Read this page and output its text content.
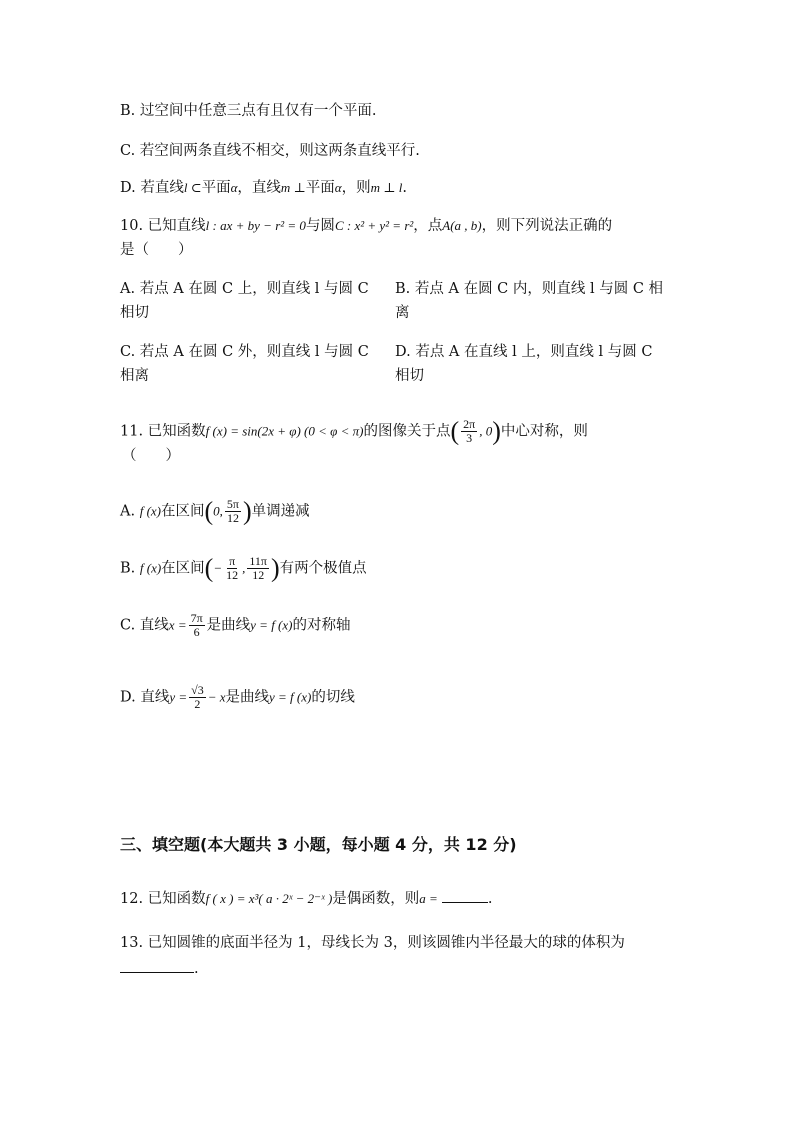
B. 过空间中任意三点有且仅有一个平面.
C. 若空间两条直线不相交，则这两条直线平行.
D. 若直线l ⊂平面α，直线m ⊥平面α，则m ⊥ l.
10. 已知直线l : ax + by − r² = 0与圆C : x² + y² = r²，点A(a , b)，则下列说法正确的
是（　　）
A. 若点 A 在圆 C 上，则直线 l 与圆 C
相切
B. 若点 A 在圆 C 内，则直线 l 与圆 C 相
离
C. 若点 A 在圆 C 外，则直线 l 与圆 C
相离
D. 若点 A 在直线 l 上，则直线 l 与圆 C
相切
11. 已知函数f (x) = sin(2x + φ) (0 < φ < π)的图像关于点( $\frac{2\pi}{3}$ , 0)中心对称，则
（　　）
A. f (x)在区间(0, $\frac{5\pi}{12}$ )单调递减
B. f (x)在区间(− $\frac{\pi}{12}$ , $\frac{11\pi}{12}$ )有两个极值点
C. 直线$x = \frac{7\pi}{6}$ 是曲线y = f (x)的对称轴
D. 直线$y = \frac{√3}{2} - x$是曲线y = f (x)的切线
三、填空题(本大题共 3 小题，每小题 4 分，共 12 分)
12. 已知函数f ( x ) = x³( a · 2ˣ − 2⁻ˣ )是偶函数，则a =	.
13. 已知圆锥的底面半径为 1，母线长为 3，则该圆锥内半径最大的球的体积为
.
